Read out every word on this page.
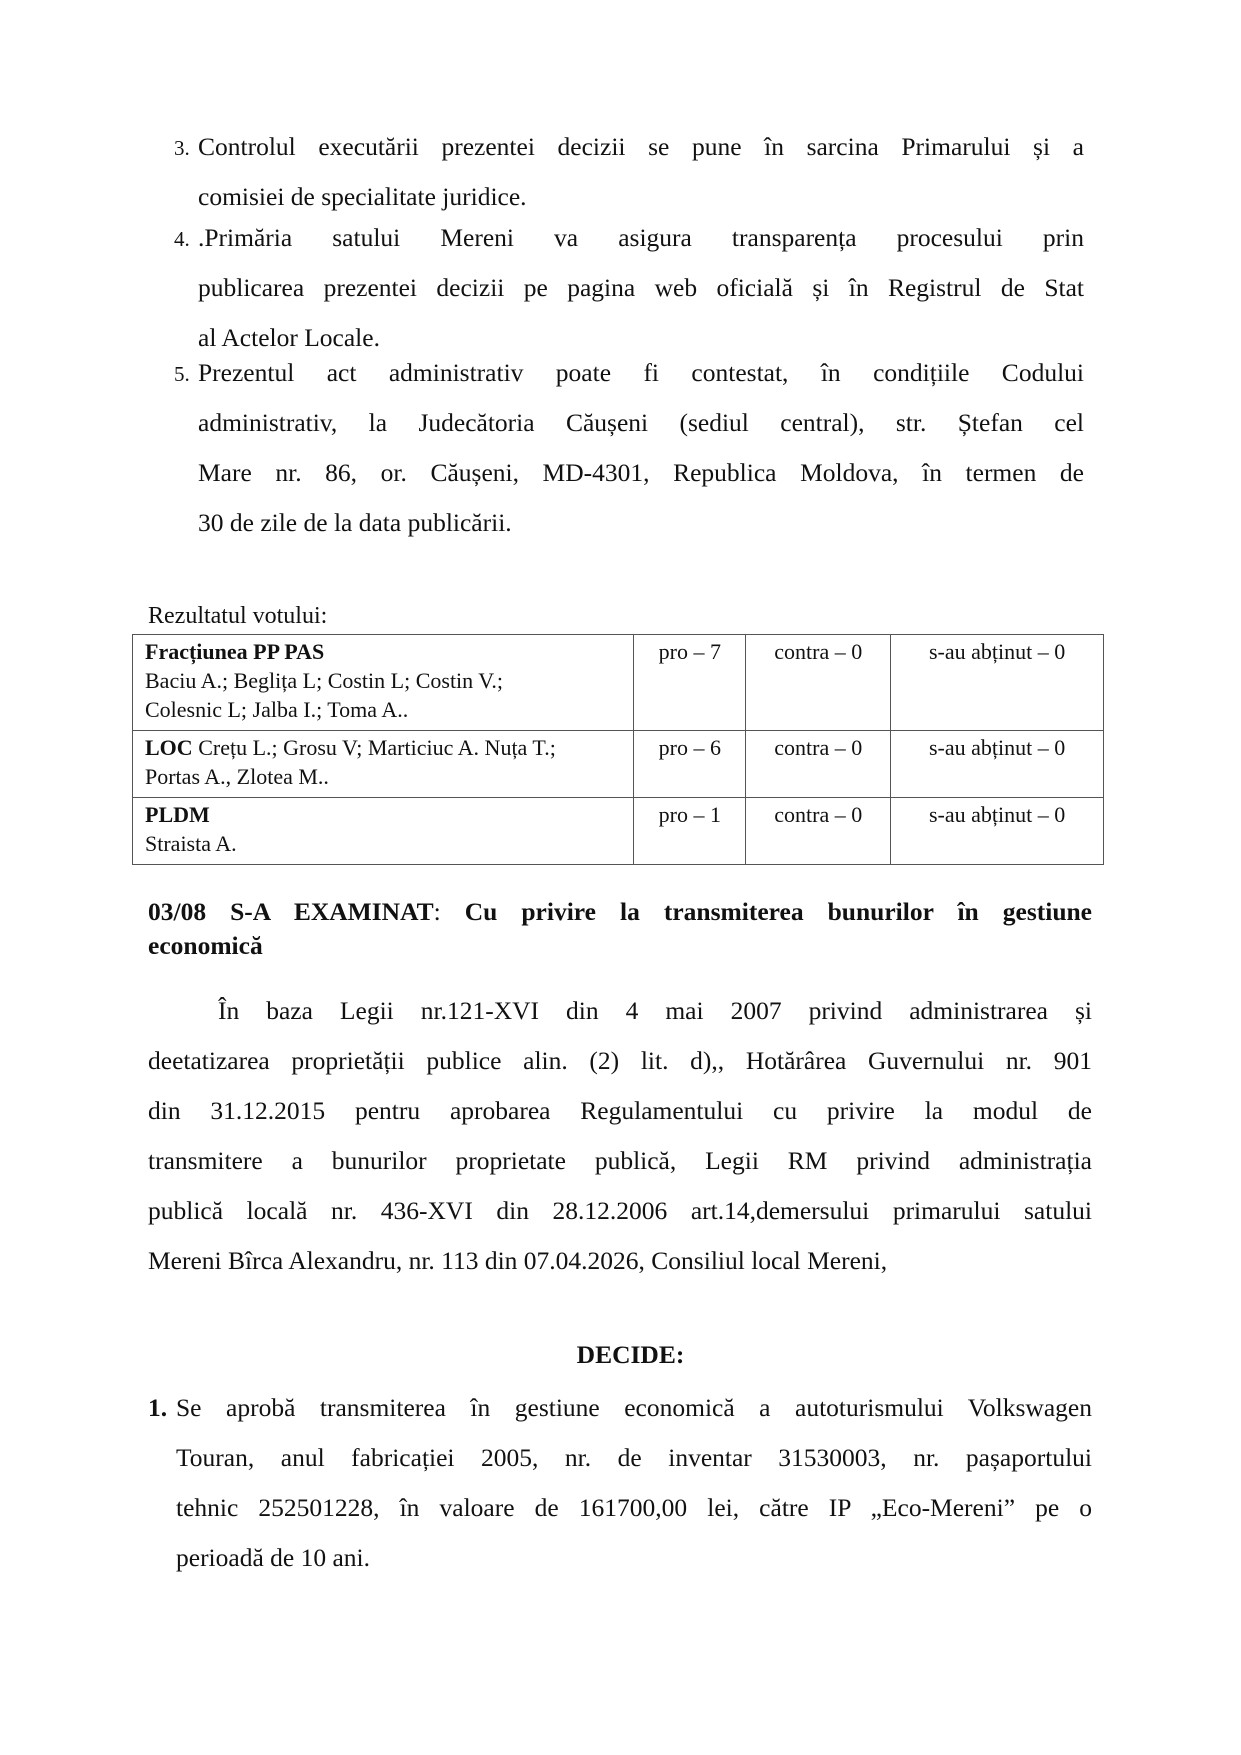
3. Controlul executării prezentei decizii se pune în sarcina Primarului și a
comisiei de specialitate juridice.
4. .Primăria satului Mereni va asigura transparența procesului prin
publicarea prezentei decizii pe pagina web oficială și în Registrul de Stat
al Actelor Locale.
5. Prezentul act administrativ poate fi contestat, în condițiile Codului
administrativ, la Judecătoria Căușeni (sediul central), str. Ștefan cel
Mare nr. 86, or. Căușeni, MD-4301, Republica Moldova, în termen de
30 de zile de la data publicării.
Rezultatul votului:
Fracțiunea PP PAS
Baciu A.; Beglița L; Costin L; Costin V.;
Colesnic L; Jalba I.; Toma A..	pro – 7	contra – 0	s-au abținut – 0

LOC Crețu L.; Grosu V; Marticiuc A. Nuța T.;
Portas A., Zlotea M..	pro – 6	contra – 0	s-au abținut – 0

PLDM
Straista A.	pro – 1	contra – 0	s-au abținut – 0
03/08 S-A EXAMINAT: Cu privire la transmiterea bunurilor în gestiune
economică
În baza Legii nr.121-XVI din 4 mai 2007 privind administrarea și
deetatizarea proprietății publice alin. (2) lit. d),, Hotărârea Guvernului nr. 901
din 31.12.2015 pentru aprobarea Regulamentului cu privire la modul de
transmitere a bunurilor proprietate publică, Legii RM privind administrația
publică locală nr. 436-XVI din 28.12.2006 art.14,demersului primarului satului
Mereni Bîrca Alexandru, nr. 113 din 07.04.2026, Consiliul local Mereni,
DECIDE:
1. Se aprobă transmiterea în gestiune economică a autoturismului Volkswagen
Touran, anul fabricației 2005, nr. de inventar 31530003, nr. pașaportului
tehnic 252501228, în valoare de 161700,00 lei, către IP „Eco-Mereni” pe o
perioadă de 10 ani.
